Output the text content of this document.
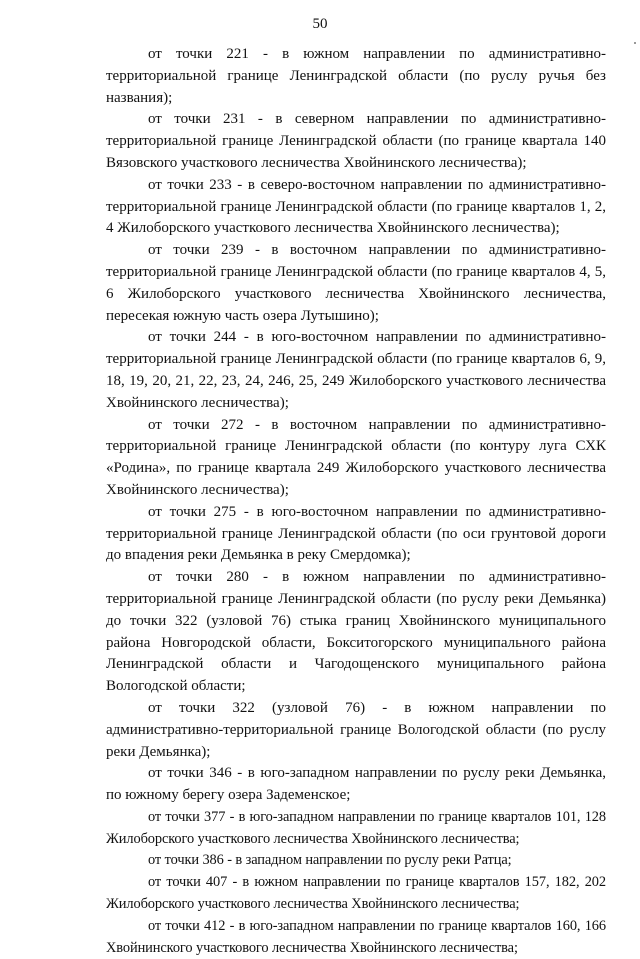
50

от точки 221 - в южном направлении по административно-территориальной границе Ленинградской области (по руслу ручья без названия);

от точки 231 - в северном направлении по административно-территориальной границе Ленинградской области (по границе квартала 140 Вязовского участкового лесничества Хвойнинского лесничества);

от точки 233 - в северо-восточном направлении по административно-территориальной границе Ленинградской области (по границе кварталов 1, 2, 4 Жилоборского участкового лесничества Хвойнинского лесничества);

от точки 239 - в восточном направлении по административно-территориальной границе Ленинградской области (по границе кварталов 4, 5, 6 Жилоборского участкового лесничества Хвойнинского лесничества, пересекая южную часть озера Лутышино);

от точки 244 - в юго-восточном направлении по административно-территориальной границе Ленинградской области (по границе кварталов 6, 9, 18, 19, 20, 21, 22, 23, 24, 246, 25, 249 Жилоборского участкового лесничества Хвойнинского лесничества);

от точки 272 - в восточном направлении по административно-территориальной границе Ленинградской области (по контуру луга СХК «Родина», по границе квартала 249 Жилоборского участкового лесничества Хвойнинского лесничества);

от точки 275 - в юго-восточном направлении по административно-территориальной границе Ленинградской области (по оси грунтовой дороги до впадения реки Демьянка в реку Смердомка);

от точки 280 - в южном направлении по административно-территориальной границе Ленинградской области (по руслу реки Демьянка) до точки 322 (узловой 76) стыка границ Хвойнинского муниципального района Новгородской области, Бокситогорского муниципального района Ленинградской области и Чагодощенского муниципального района Вологодской области;

от точки 322 (узловой 76) - в южном направлении по административно-территориальной границе Вологодской области (по руслу реки Демьянка);

от точки 346 - в юго-западном направлении по руслу реки Демьянка, по южному берегу озера Задеменское;

от точки 377 - в юго-западном направлении по границе кварталов 101, 128 Жилоборского участкового лесничества Хвойнинского лесничества;

от точки 386 - в западном направлении по руслу реки Ратца;

от точки 407 - в южном направлении по границе кварталов 157, 182, 202 Жилоборского участкового лесничества Хвойнинского лесничества;

от точки 412 - в юго-западном направлении по границе кварталов 160, 166 Хвойнинского участкового лесничества Хвойнинского лесничества;
